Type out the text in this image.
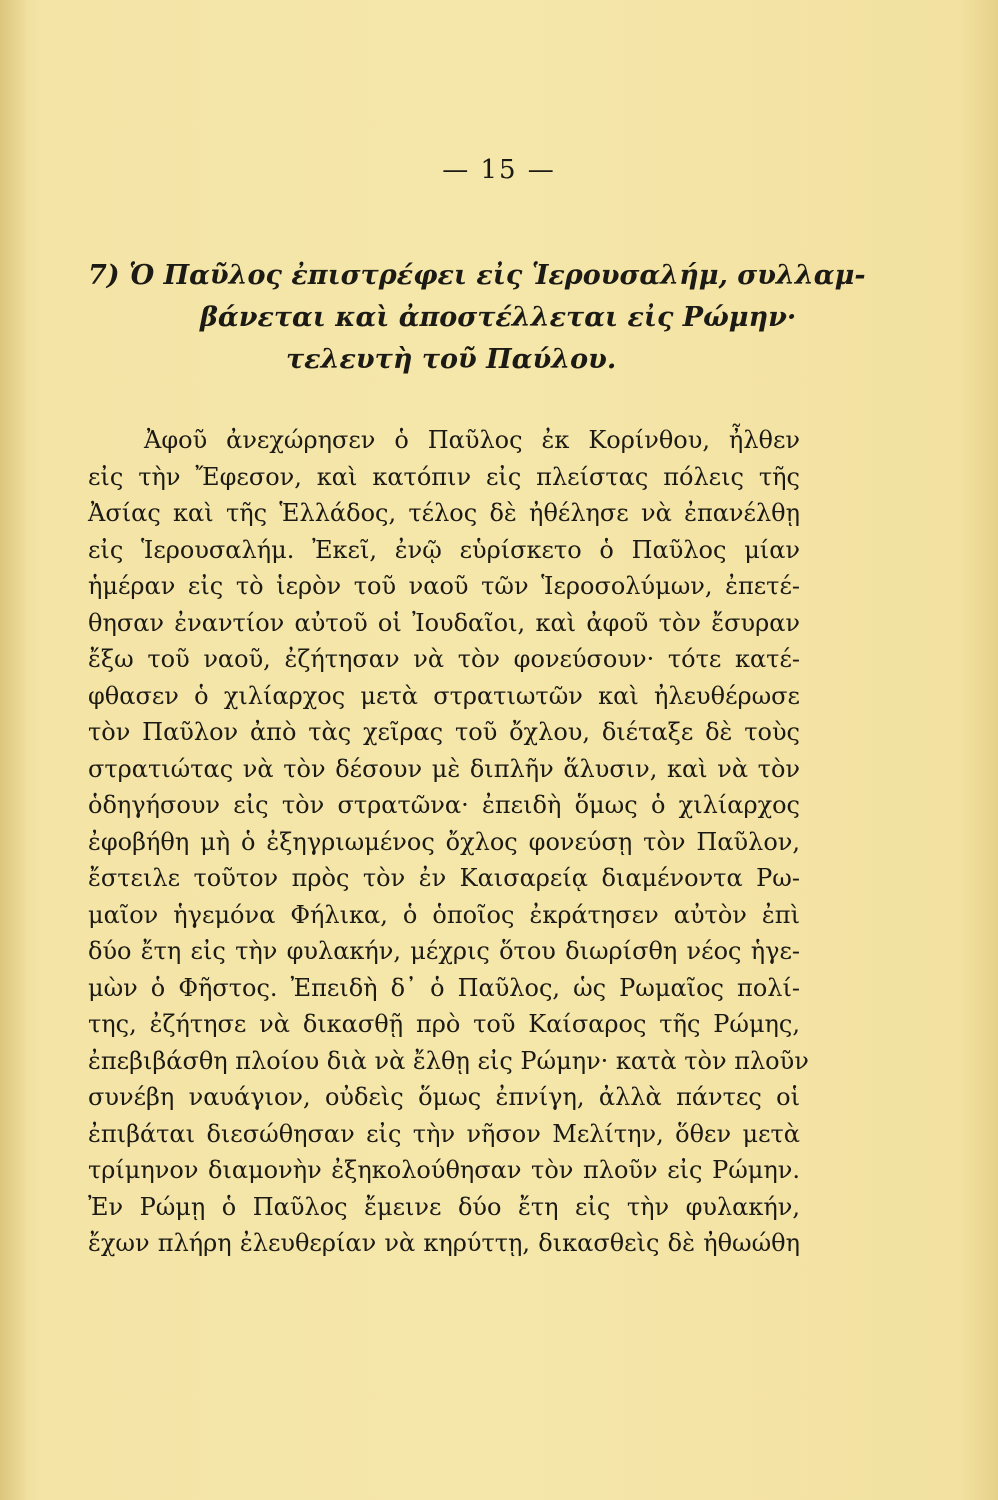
— 15 —
7) Ὁ Παῦλος ἐπιστρέφει εἰς Ἱερουσαλήμ, συλλαμ-
βάνεται καὶ ἀποστέλλεται εἰς Ρώμην·
τελευτὴ τοῦ Παύλου.
Ἀφοῦ ἀνεχώρησεν ὁ Παῦλος ἐκ Κορίνθου, ἦλθεν
εἰς τὴν Ἔφεσον, καὶ κατόπιν εἰς πλείστας πόλεις τῆς
Ἀσίας καὶ τῆς Ἑλλάδος, τέλος δὲ ἠθέλησε νὰ ἐπανέλθῃ
εἰς Ἱερουσαλήμ. Ἐκεῖ, ἐνῷ εὑρίσκετο ὁ Παῦλος μίαν
ἡμέραν εἰς τὸ ἱερὸν τοῦ ναοῦ τῶν Ἱεροσολύμων, ἐπετέ-
θησαν ἐναντίον αὐτοῦ οἱ Ἰουδαῖοι, καὶ ἀφοῦ τὸν ἔσυραν
ἔξω τοῦ ναοῦ, ἐζήτησαν νὰ τὸν φονεύσουν· τότε κατέ-
φθασεν ὁ χιλίαρχος μετὰ στρατιωτῶν καὶ ἠλευθέρωσε
τὸν Παῦλον ἀπὸ τὰς χεῖρας τοῦ ὄχλου, διέταξε δὲ τοὺς
στρατιώτας νὰ τὸν δέσουν μὲ διπλῆν ἅλυσιν, καὶ νὰ τὸν
ὁδηγήσουν εἰς τὸν στρατῶνα· ἐπειδὴ ὅμως ὁ χιλίαρχος
ἐφοβήθη μὴ ὁ ἐξηγριωμένος ὄχλος φονεύσῃ τὸν Παῦλον,
ἔστειλε τοῦτον πρὸς τὸν ἐν Καισαρείᾳ διαμένοντα Ρω-
μαῖον ἡγεμόνα Φήλικα, ὁ ὁποῖος ἐκράτησεν αὐτὸν ἐπὶ
δύο ἔτη εἰς τὴν φυλακήν, μέχρις ὅτου διωρίσθη νέος ἡγε-
μὼν ὁ Φῆστος. Ἐπειδὴ δ᾽ ὁ Παῦλος, ὡς Ρωμαῖος πολί-
της, ἐζήτησε νὰ δικασθῇ πρὸ τοῦ Καίσαρος τῆς Ρώμης,
ἐπεβιβάσθη πλοίου διὰ νὰ ἔλθῃ εἰς Ρώμην· κατὰ τὸν πλοῦν
συνέβη ναυάγιον, οὐδεὶς ὅμως ἐπνίγη, ἀλλὰ πάντες οἱ
ἐπιβάται διεσώθησαν εἰς τὴν νῆσον Μελίτην, ὅθεν μετὰ
τρίμηνον διαμονὴν ἐξηκολούθησαν τὸν πλοῦν εἰς Ρώμην.
Ἐν Ρώμῃ ὁ Παῦλος ἔμεινε δύο ἔτη εἰς τὴν φυλακήν,
ἔχων πλήρη ἐλευθερίαν νὰ κηρύττῃ, δικασθεὶς δὲ ἠθωώθη
